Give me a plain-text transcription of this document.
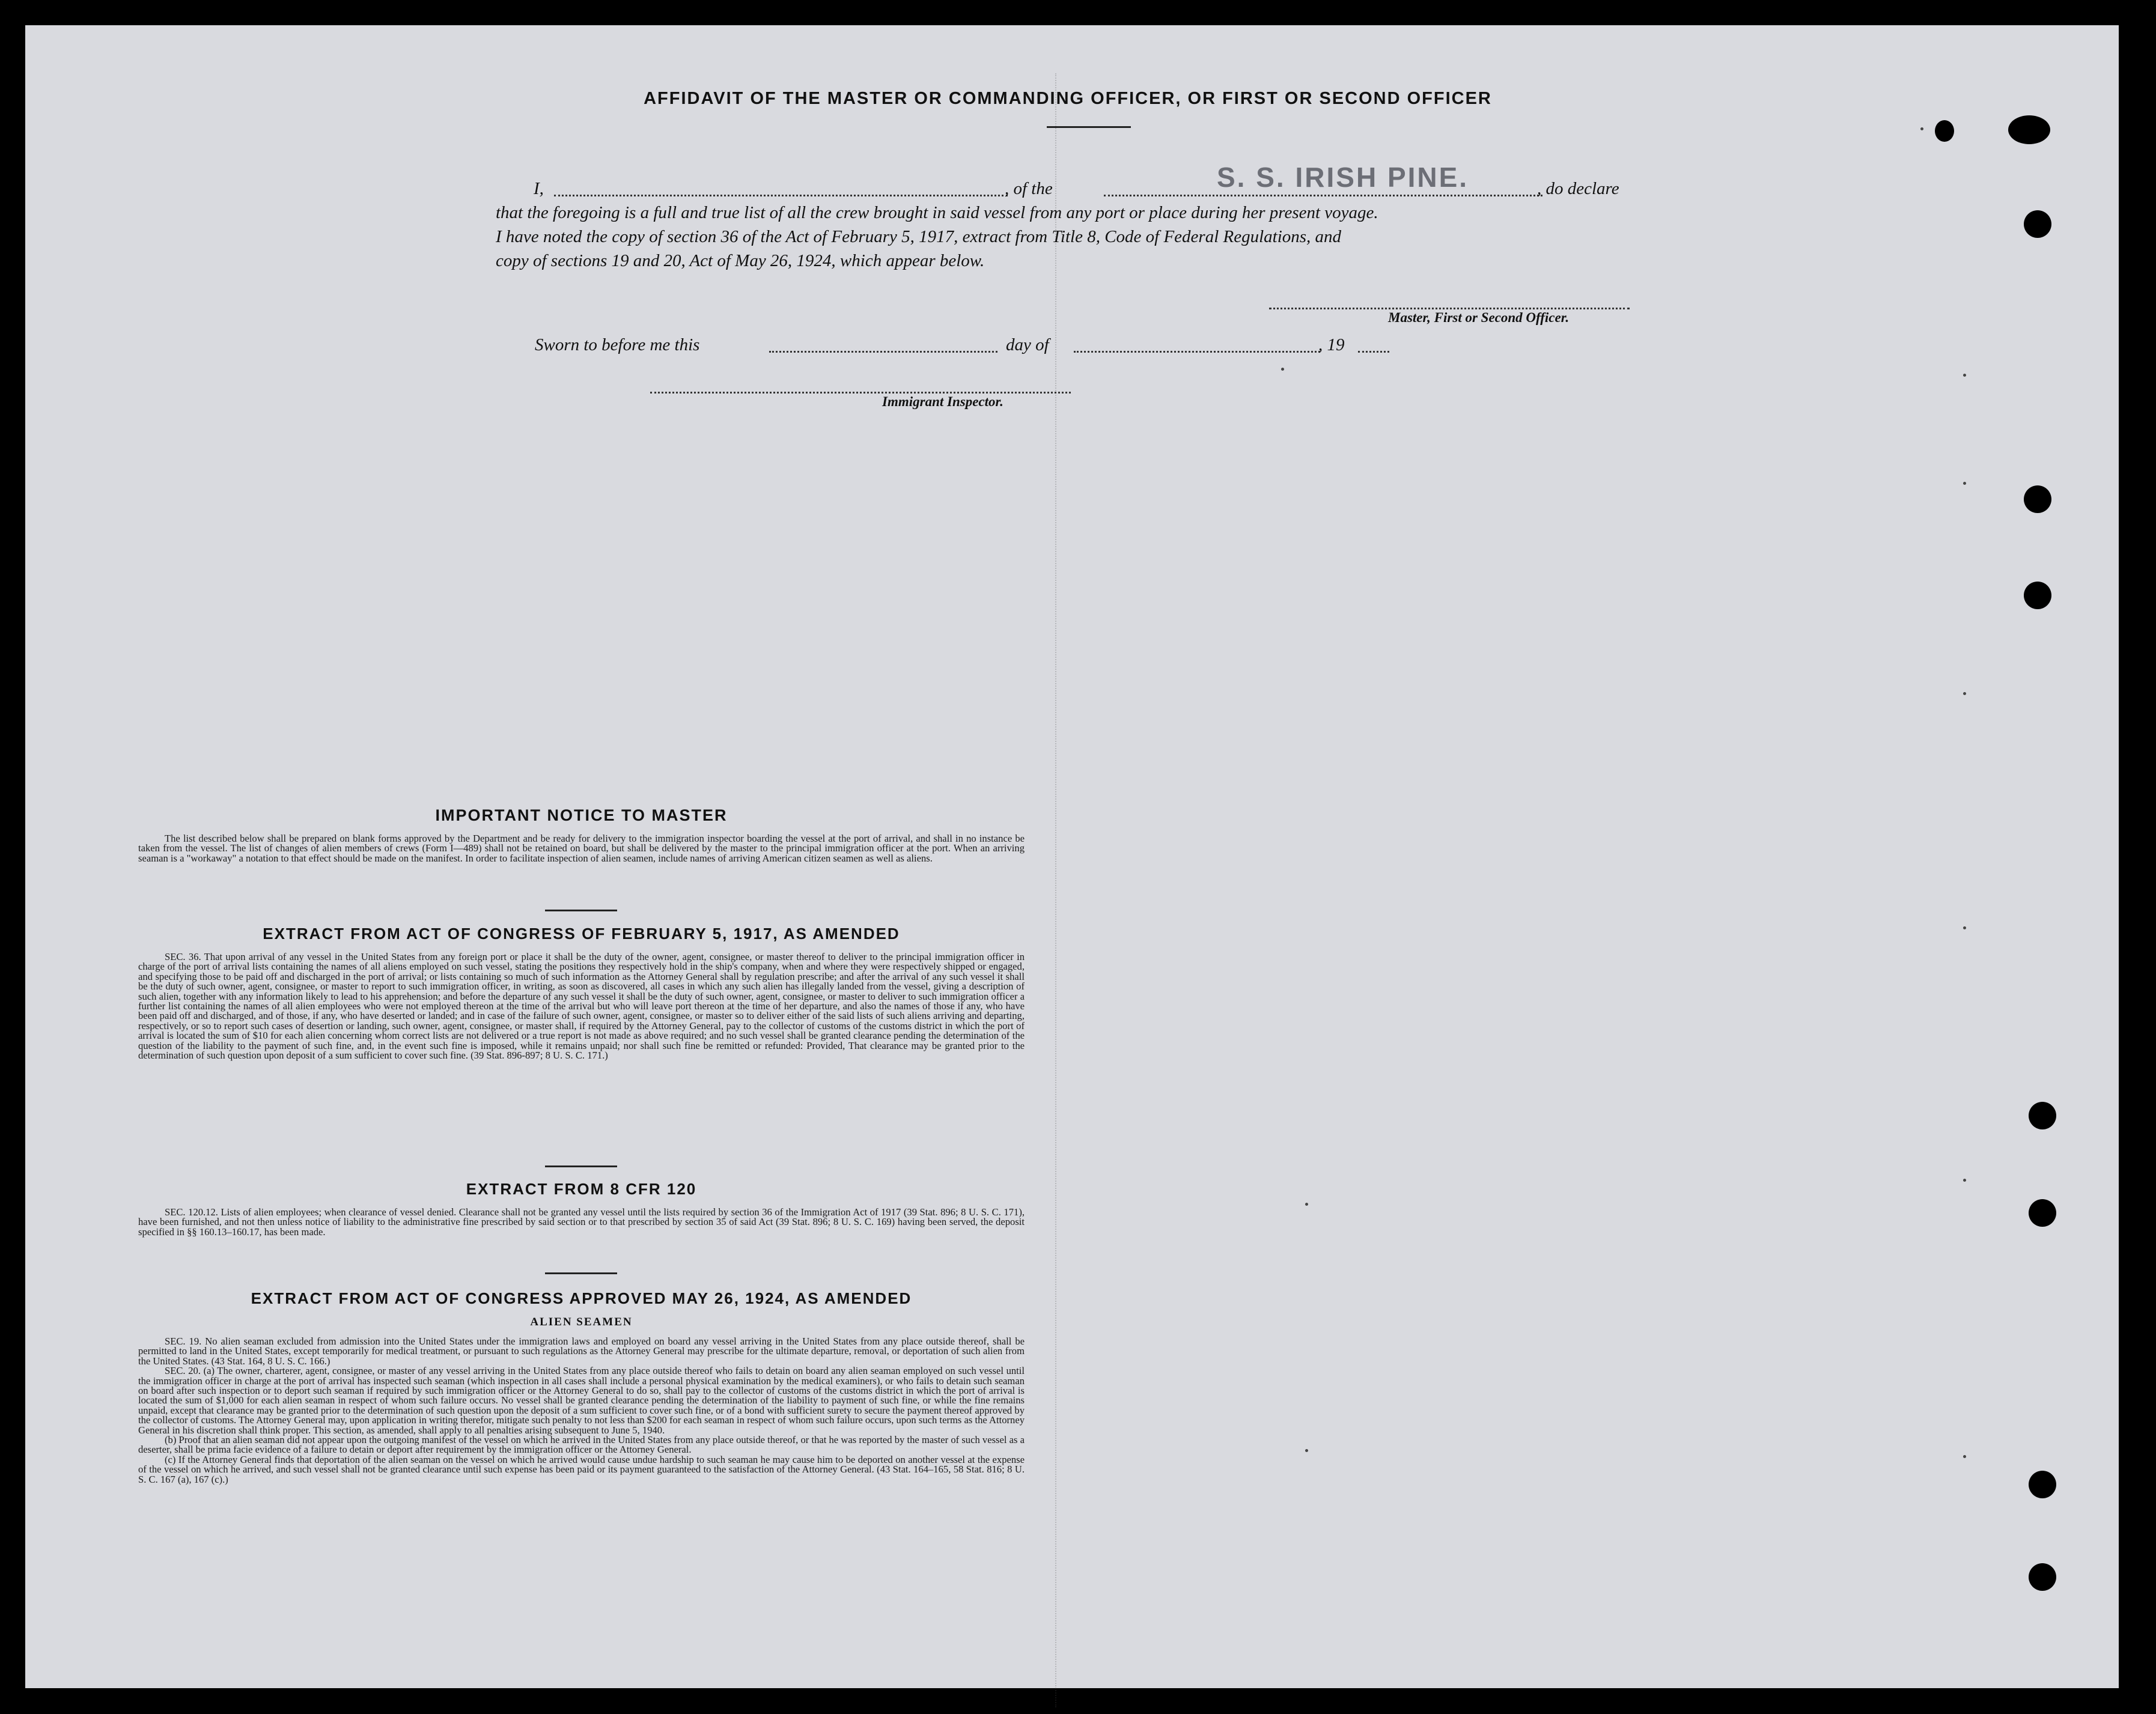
AFFIDAVIT OF THE MASTER OR COMMANDING OFFICER, OR FIRST OR SECOND OFFICER
I,	, of the	S. S. IRISH PINE.	, do declare
that the foregoing is a full and true list of all the crew brought in said vessel from any port or place during her present voyage.
I have noted the copy of section 36 of the Act of February 5, 1917, extract from Title 8, Code of Federal Regulations, and
copy of sections 19 and 20, Act of May 26, 1924, which appear below.
Master, First or Second Officer.
Sworn to before me this	day of	, 19
Immigrant Inspector.
IMPORTANT NOTICE TO MASTER

The list described below shall be prepared on blank forms approved by the Department and be ready for delivery to the immigration inspector boarding the vessel at the port of arrival, and shall in no instance be taken from the vessel. The list of changes of alien members of crews (Form I—489) shall not be retained on board, but shall be delivered by the master to the principal immigration officer at the port. When an arriving seaman is a "workaway" a notation to that effect should be made on the manifest. In order to facilitate inspection of alien seamen, include names of arriving American citizen seamen as well as aliens.

EXTRACT FROM ACT OF CONGRESS OF FEBRUARY 5, 1917, AS AMENDED

SEC. 36. That upon arrival of any vessel in the United States from any foreign port or place it shall be the duty of the owner, agent, consignee, or master thereof to deliver to the principal immigration officer in charge of the port of arrival lists containing the names of all aliens employed on such vessel, stating the positions they respectively hold in the ship's company, when and where they were respectively shipped or engaged, and specifying those to be paid off and discharged in the port of arrival; or lists containing so much of such information as the Attorney General shall by regulation prescribe; and after the arrival of any such vessel it shall be the duty of such owner, agent, consignee, or master to report to such immigration officer, in writing, as soon as discovered, all cases in which any such alien has illegally landed from the vessel, giving a description of such alien, together with any information likely to lead to his apprehension; and before the departure of any such vessel it shall be the duty of such owner, agent, consignee, or master to deliver to such immigration officer a further list containing the names of all alien employees who were not employed thereon at the time of the arrival but who will leave port thereon at the time of her departure, and also the names of those if any, who have been paid off and discharged, and of those, if any, who have deserted or landed; and in case of the failure of such owner, agent, consignee, or master so to deliver either of the said lists of such aliens arriving and departing, respectively, or so to report such cases of desertion or landing, such owner, agent, consignee, or master shall, if required by the Attorney General, pay to the collector of customs of the customs district in which the port of arrival is located the sum of $10 for each alien concerning whom correct lists are not delivered or a true report is not made as above required; and no such vessel shall be granted clearance pending the determination of the question of the liability to the payment of such fine, and, in the event such fine is imposed, while it remains unpaid; nor shall such fine be remitted or refunded: Provided, That clearance may be granted prior to the determination of such question upon deposit of a sum sufficient to cover such fine. (39 Stat. 896-897; 8 U. S. C. 171.)

EXTRACT FROM 8 CFR 120

SEC. 120.12. Lists of alien employees; when clearance of vessel denied. Clearance shall not be granted any vessel until the lists required by section 36 of the Immigration Act of 1917 (39 Stat. 896; 8 U. S. C. 171), have been furnished, and not then unless notice of liability to the administrative fine prescribed by said section or to that prescribed by section 35 of said Act (39 Stat. 896; 8 U. S. C. 169) having been served, the deposit specified in §§ 160.13–160.17, has been made.

EXTRACT FROM ACT OF CONGRESS APPROVED MAY 26, 1924, AS AMENDED
ALIEN SEAMEN

SEC. 19. No alien seaman excluded from admission into the United States under the immigration laws and employed on board any vessel arriving in the United States from any place outside thereof, shall be permitted to land in the United States, except temporarily for medical treatment, or pursuant to such regulations as the Attorney General may prescribe for the ultimate departure, removal, or deportation of such alien from the United States. (43 Stat. 164, 8 U. S. C. 166.)

SEC. 20. (a) The owner, charterer, agent, consignee, or master of any vessel arriving in the United States from any place outside thereof who fails to detain on board any alien seaman employed on such vessel until the immigration officer in charge at the port of arrival has inspected such seaman (which inspection in all cases shall include a personal physical examination by the medical examiners), or who fails to detain such seaman on board after such inspection or to deport such seaman if required by such immigration officer or the Attorney General to do so, shall pay to the collector of customs of the customs district in which the port of arrival is located the sum of $1,000 for each alien seaman in respect of whom such failure occurs. No vessel shall be granted clearance pending the determination of the liability to payment of such fine, or while the fine remains unpaid, except that clearance may be granted prior to the determination of such question upon the deposit of a sum sufficient to cover such fine, or of a bond with sufficient surety to secure the payment thereof approved by the collector of customs. The Attorney General may, upon application in writing therefor, mitigate such penalty to not less than $200 for each seaman in respect of whom such failure occurs, upon such terms as the Attorney General in his discretion shall think proper. This section, as amended, shall apply to all penalties arising subsequent to June 5, 1940.

(b) Proof that an alien seaman did not appear upon the outgoing manifest of the vessel on which he arrived in the United States from any place outside thereof, or that he was reported by the master of such vessel as a deserter, shall be prima facie evidence of a failure to detain or deport after requirement by the immigration officer or the Attorney General.

(c) If the Attorney General finds that deportation of the alien seaman on the vessel on which he arrived would cause undue hardship to such seaman he may cause him to be deported on another vessel at the expense of the vessel on which he arrived, and such vessel shall not be granted clearance until such expense has been paid or its payment guaranteed to the satisfaction of the Attorney General. (43 Stat. 164–165, 58 Stat. 816; 8 U. S. C. 167 (a), 167 (c).)
